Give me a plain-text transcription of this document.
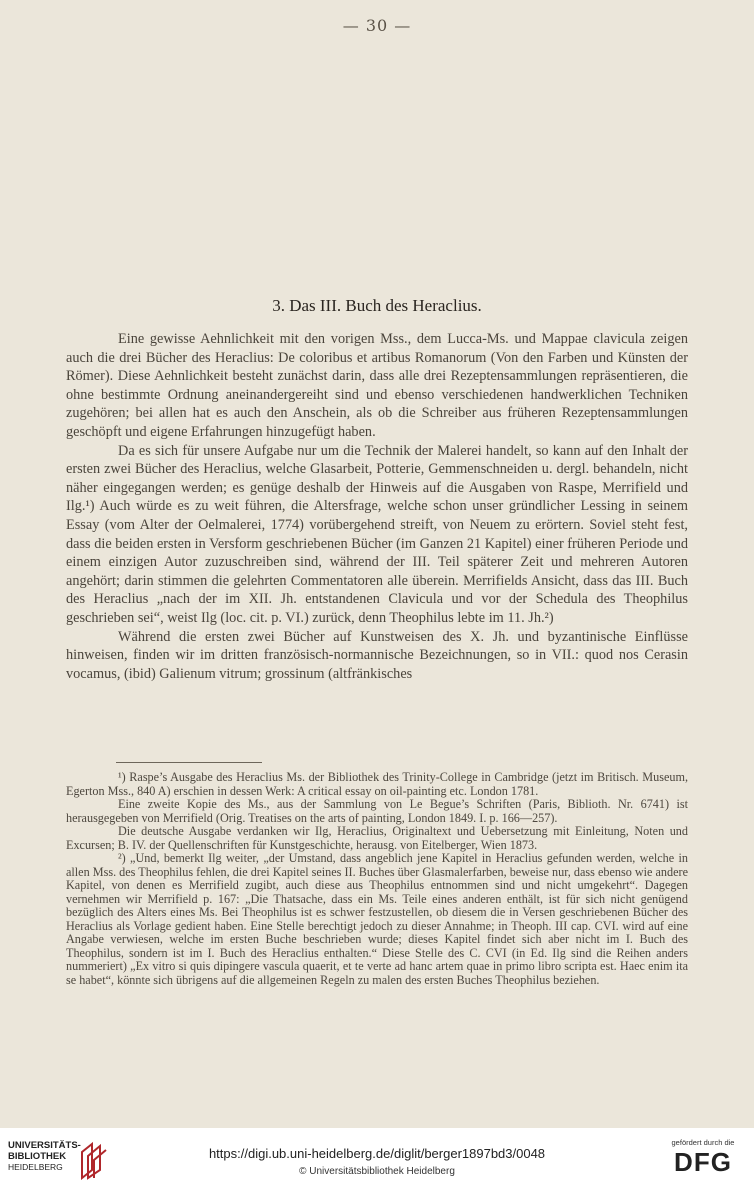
— 30 —
3. Das III. Buch des Heraclius.

Eine gewisse Aehnlichkeit mit den vorigen Mss., dem Lucca-Ms. und Mappae clavicula zeigen auch die drei Bücher des Heraclius: De coloribus et artibus Romanorum (Von den Farben und Künsten der Römer). Diese Aehnlichkeit besteht zunächst darin, dass alle drei Rezeptensammlungen repräsentieren, die ohne bestimmte Ordnung aneinandergereiht sind und ebenso verschiedenen handwerklichen Techniken zugehören; bei allen hat es auch den Anschein, als ob die Schreiber aus früheren Rezeptensammlungen geschöpft und eigene Erfahrungen hinzugefügt haben.

Da es sich für unsere Aufgabe nur um die Technik der Malerei handelt, so kann auf den Inhalt der ersten zwei Bücher des Heraclius, welche Glasarbeit, Potterie, Gemmenschneiden u. dergl. behandeln, nicht näher eingegangen werden; es genüge deshalb der Hinweis auf die Ausgaben von Raspe, Merrifield und Ilg.¹) Auch würde es zu weit führen, die Altersfrage, welche schon unser gründlicher Lessing in seinem Essay (vom Alter der Oelmalerei, 1774) vorübergehend streift, von Neuem zu erörtern. Soviel steht fest, dass die beiden ersten in Versform geschriebenen Bücher (im Ganzen 21 Kapitel) einer früheren Periode und einem einzigen Autor zuzuschreiben sind, während der III. Teil späterer Zeit und mehreren Autoren angehört; darin stimmen die gelehrten Commentatoren alle überein. Merrifields Ansicht, dass das III. Buch des Heraclius „nach der im XII. Jh. entstandenen Clavicula und vor der Schedula des Theophilus geschrieben sei“, weist Ilg (loc. cit. p. VI.) zurück, denn Theophilus lebte im 11. Jh.²)

Während die ersten zwei Bücher auf Kunstweisen des X. Jh. und byzantinische Einflüsse hinweisen, finden wir im dritten französisch-normannische Bezeichnungen, so in VII.: quod nos Cerasin vocamus, (ibid) Galienum vitrum; grossinum (altfränkisches

¹) Raspe’s Ausgabe des Heraclius Ms. der Bibliothek des Trinity-College in Cambridge (jetzt im Britisch. Museum, Egerton Mss., 840 A) erschien in dessen Werk: A critical essay on oil-painting etc. London 1781.

Eine zweite Kopie des Ms., aus der Sammlung von Le Begue’s Schriften (Paris, Biblioth. Nr. 6741) ist herausgegeben von Merrifield (Orig. Treatises on the arts of painting, London 1849. I. p. 166—257).

Die deutsche Ausgabe verdanken wir Ilg, Heraclius, Originaltext und Uebersetzung mit Einleitung, Noten und Excursen; B. IV. der Quellenschriften für Kunstgeschichte, herausg. von Eitelberger, Wien 1873.

²) „Und, bemerkt Ilg weiter, „der Umstand, dass angeblich jene Kapitel in Heraclius gefunden werden, welche in allen Mss. des Theophilus fehlen, die drei Kapitel seines II. Buches über Glasmalerfarben, beweise nur, dass ebenso wie andere Kapitel, von denen es Merrifield zugibt, auch diese aus Theophilus entnommen sind und nicht umgekehrt“. Dagegen vernehmen wir Merrifield p. 167: „Die Thatsache, dass ein Ms. Teile eines anderen enthält, ist für sich nicht genügend bezüglich des Alters eines Ms. Bei Theophilus ist es schwer festzustellen, ob diesem die in Versen geschriebenen Bücher des Heraclius als Vorlage gedient haben. Eine Stelle berechtigt jedoch zu dieser Annahme; in Theoph. III cap. CVI. wird auf eine Angabe verwiesen, welche im ersten Buche beschrieben wurde; dieses Kapitel findet sich aber nicht im I. Buch des Theophilus, sondern ist im I. Buch des Heraclius enthalten.“ Diese Stelle des C. CVI (in Ed. Ilg sind die Reihen anders nummeriert) „Ex vitro si quis dipingere vascula quaerit, et te verte ad hanc artem quae in primo libro scripta est. Haec enim ita se habet“, könnte sich übrigens auf die allgemeinen Regeln zu malen des ersten Buches Theophilus beziehen.

UNIVERSITÄTS-
BIBLIOTHEK
HEIDELBERG
https://digi.ub.uni-heidelberg.de/diglit/berger1897bd3/0048
© Universitätsbibliothek Heidelberg
gefördert durch die
DFG
